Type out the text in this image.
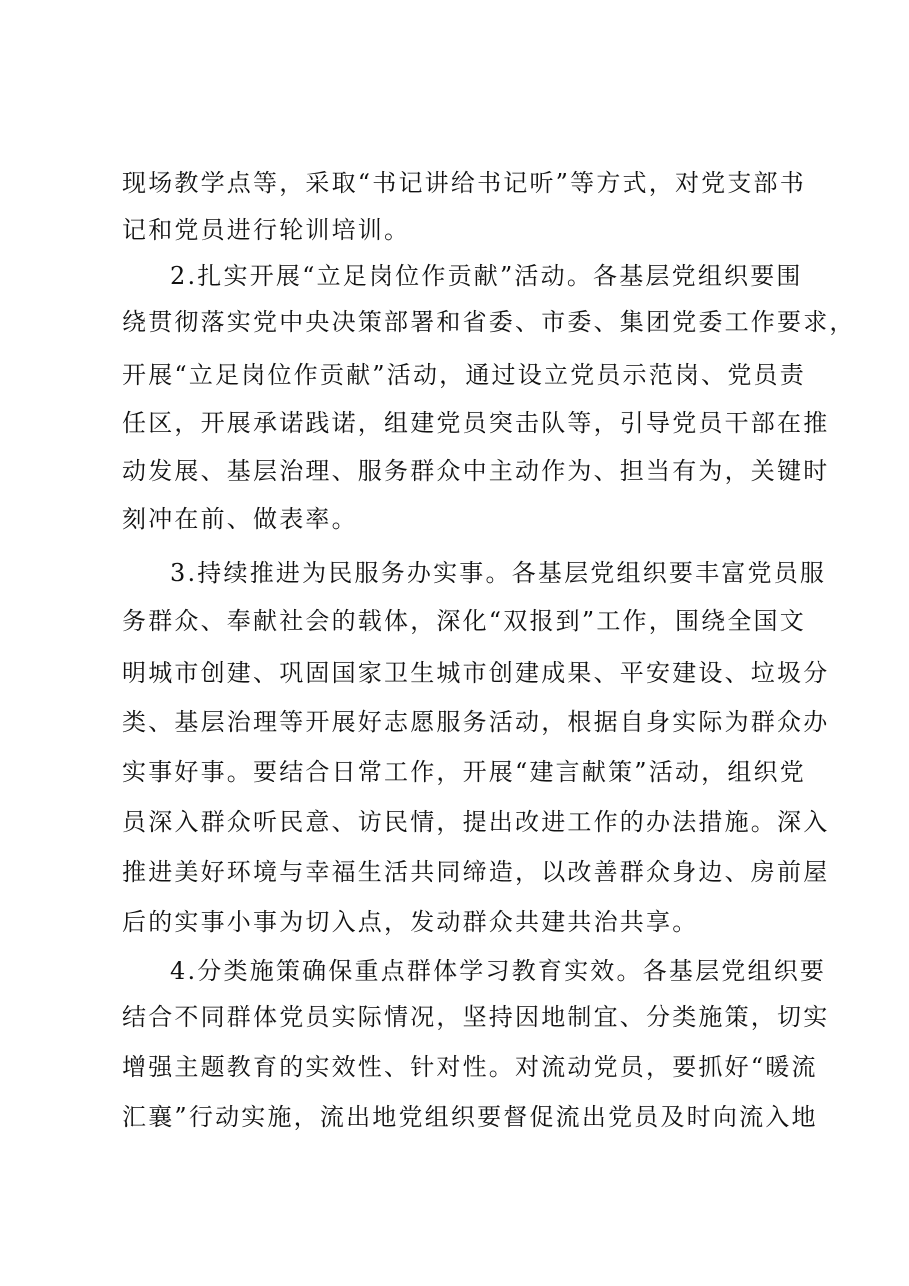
现场教学点等，采取“书记讲给书记听”等方式，对党支部书
记和党员进行轮训培训。
2.扎实开展“立足岗位作贡献”活动。各基层党组织要围
绕贯彻落实党中央决策部署和省委、市委、集团党委工作要求，
开展“立足岗位作贡献”活动，通过设立党员示范岗、党员责
任区，开展承诺践诺，组建党员突击队等，引导党员干部在推
动发展、基层治理、服务群众中主动作为、担当有为，关键时
刻冲在前、做表率。
3.持续推进为民服务办实事。各基层党组织要丰富党员服
务群众、奉献社会的载体，深化“双报到”工作，围绕全国文
明城市创建、巩固国家卫生城市创建成果、平安建设、垃圾分
类、基层治理等开展好志愿服务活动，根据自身实际为群众办
实事好事。要结合日常工作，开展“建言献策”活动，组织党
员深入群众听民意、访民情，提出改进工作的办法措施。深入
推进美好环境与幸福生活共同缔造，以改善群众身边、房前屋
后的实事小事为切入点，发动群众共建共治共享。
4.分类施策确保重点群体学习教育实效。各基层党组织要
结合不同群体党员实际情况，坚持因地制宜、分类施策，切实
增强主题教育的实效性、针对性。对流动党员，要抓好“暖流
汇襄”行动实施，流出地党组织要督促流出党员及时向流入地
